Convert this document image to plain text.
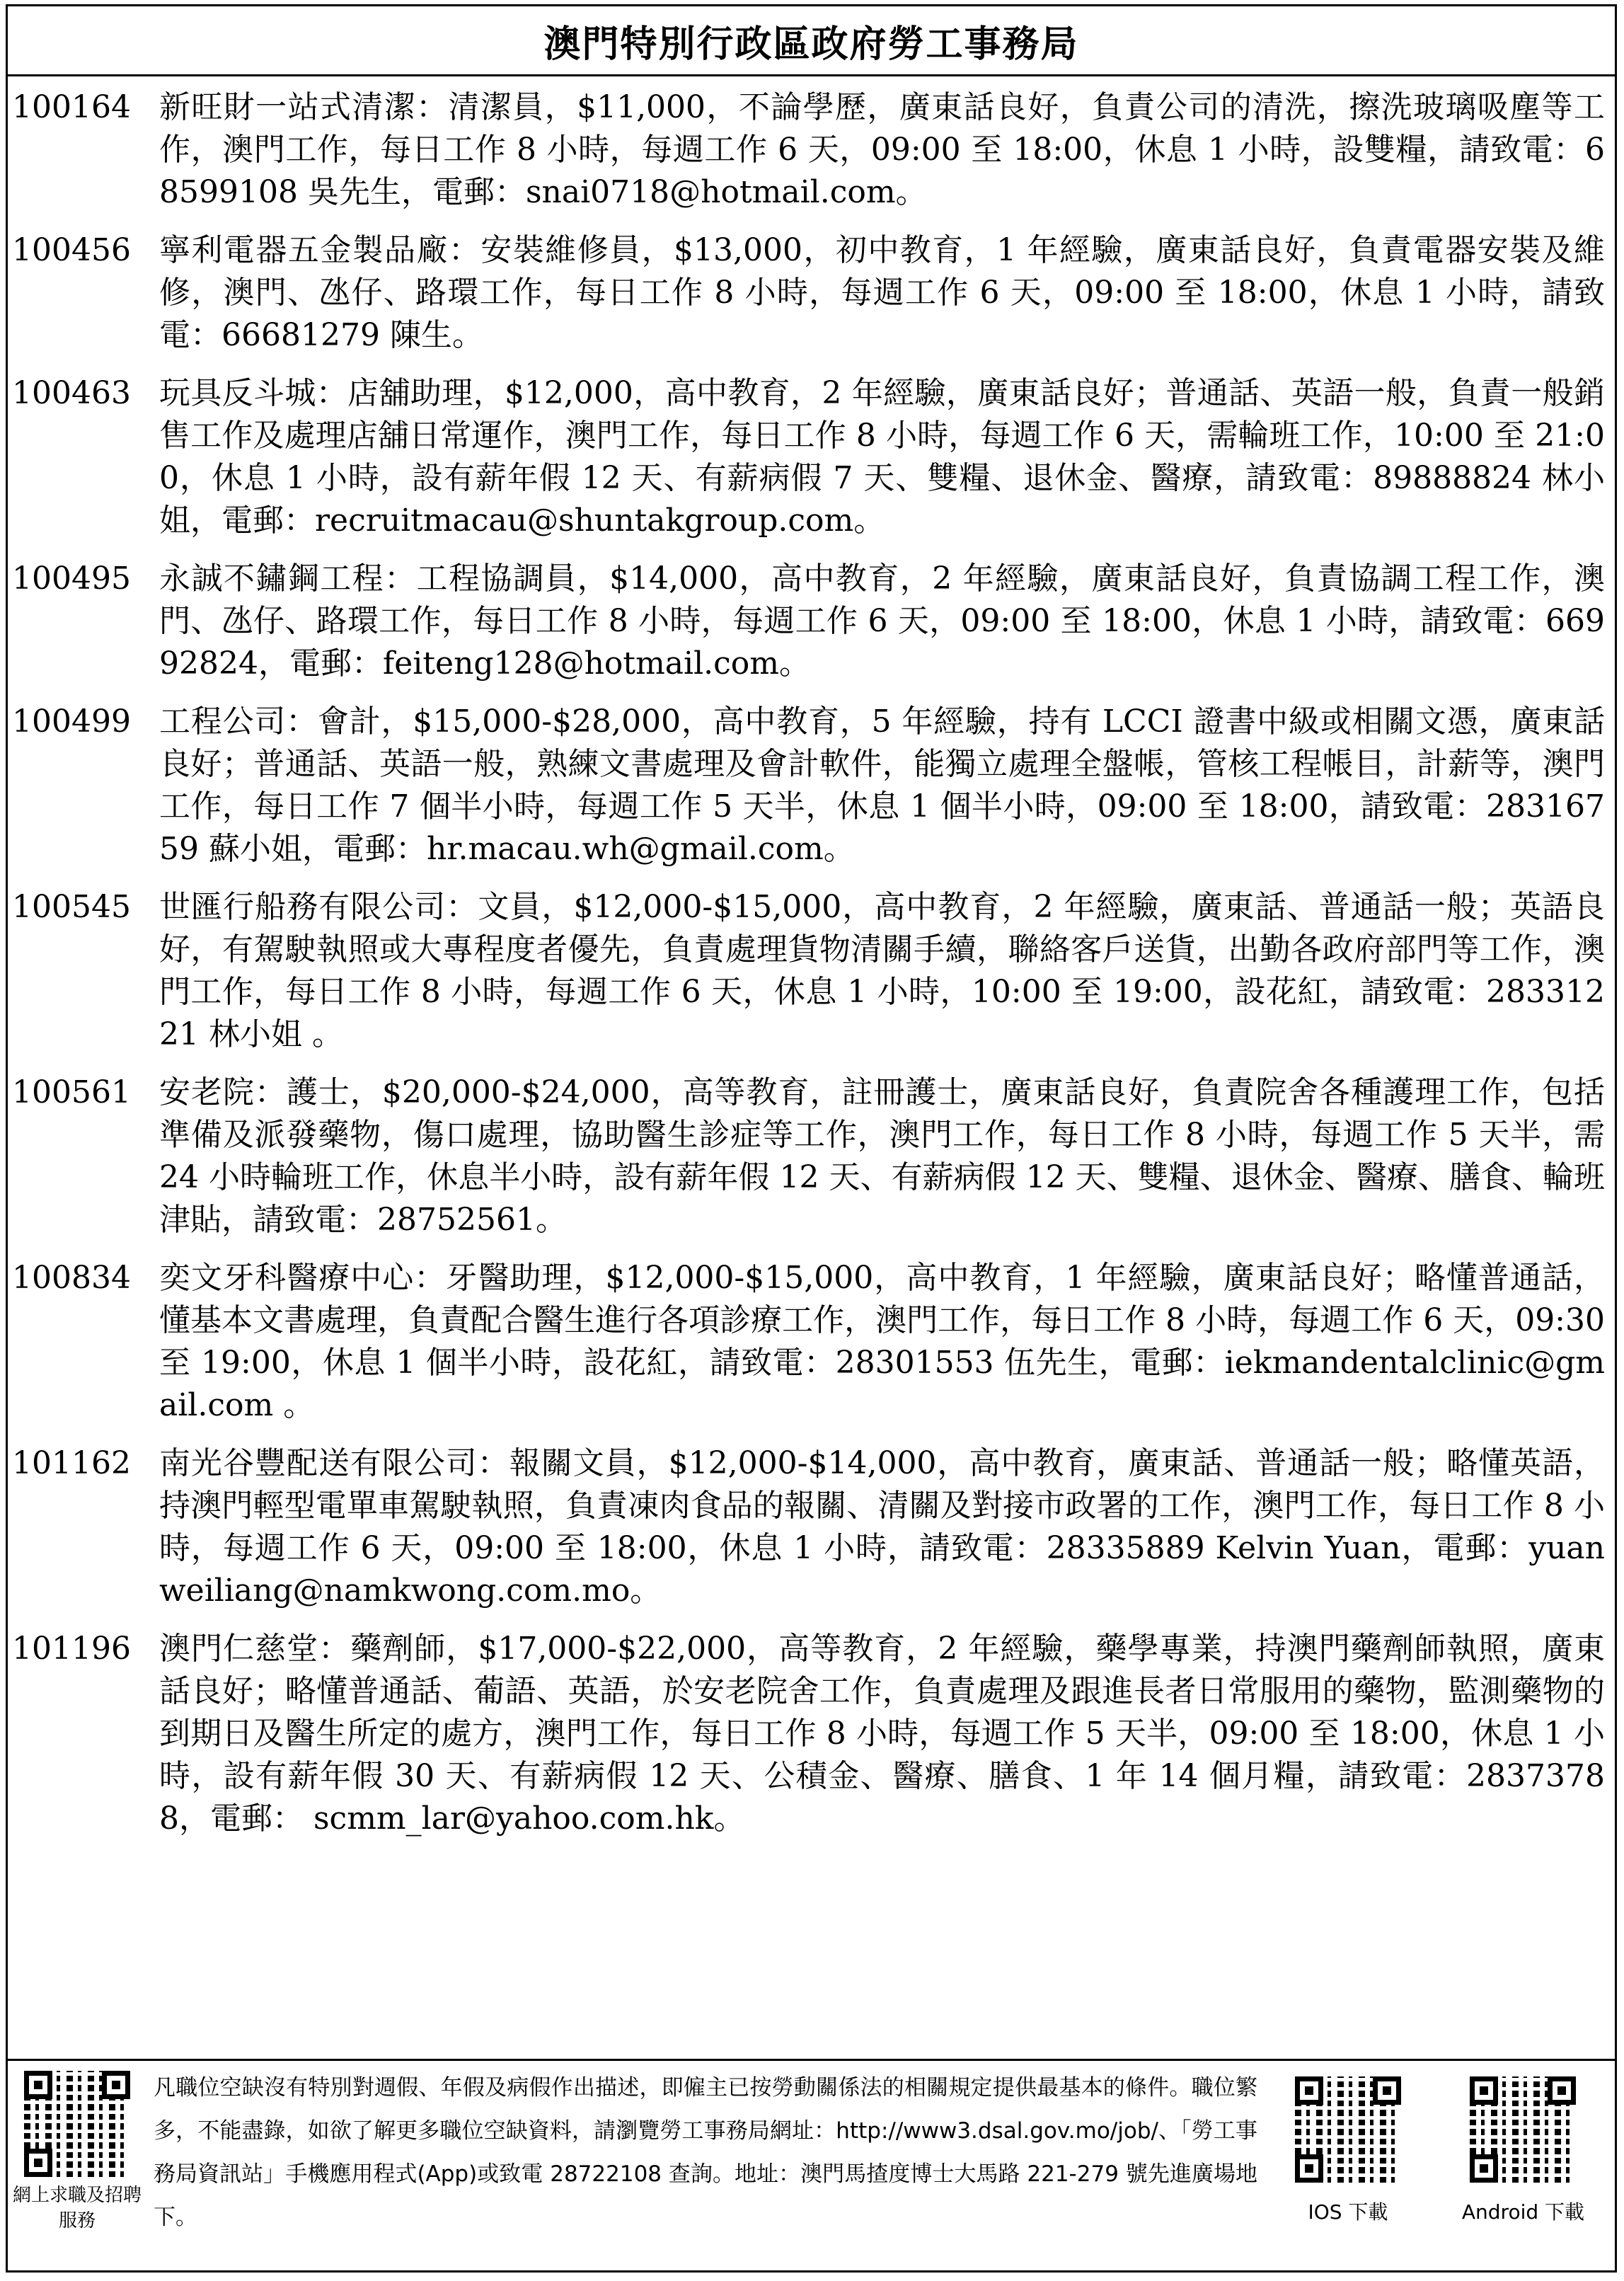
澳門特別行政區政府勞工事務局
100164 新旺財一站式清潔：清潔員，$11,000，不論學歷，廣東話良好，負責公司的清洗，擦洗玻璃吸塵等工作，澳門工作，每日工作 8 小時，每週工作 6 天，09:00 至 18:00，休息 1 小時，設雙糧，請致電：68599108 吳先生，電郵：snai0718@hotmail.com。
100456 寧利電器五金製品廠：安裝維修員，$13,000，初中教育，1 年經驗，廣東話良好，負責電器安裝及維修，澳門、氹仔、路環工作，每日工作 8 小時，每週工作 6 天，09:00 至 18:00，休息 1 小時，請致電：66681279 陳生。
100463 玩具反斗城：店舖助理，$12,000，高中教育，2 年經驗，廣東話良好；普通話、英語一般，負責一般銷售工作及處理店舖日常運作，澳門工作，每日工作 8 小時，每週工作 6 天，需輪班工作，10:00 至 21:00，休息 1 小時，設有薪年假 12 天、有薪病假 7 天、雙糧、退休金、醫療，請致電：89888824 林小姐，電郵：recruitmacau@shuntakgroup.com。
100495 永誠不鏽鋼工程：工程協調員，$14,000，高中教育，2 年經驗，廣東話良好，負責協調工程工作，澳門、氹仔、路環工作，每日工作 8 小時，每週工作 6 天，09:00 至 18:00，休息 1 小時，請致電：66992824，電郵：feiteng128@hotmail.com。
100499 工程公司：會計，$15,000-$28,000，高中教育，5 年經驗，持有 LCCI 證書中級或相關文憑，廣東話良好；普通話、英語一般，熟練文書處理及會計軟件，能獨立處理全盤帳，管核工程帳目，計薪等，澳門工作，每日工作 7 個半小時，每週工作 5 天半，休息 1 個半小時，09:00 至 18:00，請致電：28316759 蘇小姐，電郵：hr.macau.wh@gmail.com。
100545 世匯行船務有限公司：文員，$12,000-$15,000，高中教育，2 年經驗，廣東話、普通話一般；英語良好，有駕駛執照或大專程度者優先，負責處理貨物清關手續，聯絡客戶送貨，出勤各政府部門等工作，澳門工作，每日工作 8 小時，每週工作 6 天，休息 1 小時，10:00 至 19:00，設花紅，請致電：28331221 林小姐 。
100561 安老院：護士，$20,000-$24,000，高等教育，註冊護士，廣東話良好，負責院舍各種護理工作，包括準備及派發藥物，傷口處理，協助醫生診症等工作，澳門工作，每日工作 8 小時，每週工作 5 天半，需 24 小時輪班工作，休息半小時，設有薪年假 12 天、有薪病假 12 天、雙糧、退休金、醫療、膳食、輪班津貼，請致電：28752561。
100834 奕文牙科醫療中心：牙醫助理，$12,000-$15,000，高中教育，1 年經驗，廣東話良好；略懂普通話，懂基本文書處理，負責配合醫生進行各項診療工作，澳門工作，每日工作 8 小時，每週工作 6 天，09:30 至 19:00，休息 1 個半小時，設花紅，請致電：28301553 伍先生，電郵：iekmandentalclinic@gmail.com 。
101162 南光谷豐配送有限公司：報關文員，$12,000-$14,000，高中教育，廣東話、普通話一般；略懂英語，持澳門輕型電單車駕駛執照，負責凍肉食品的報關、清關及對接市政署的工作，澳門工作，每日工作 8 小時，每週工作 6 天，09:00 至 18:00，休息 1 小時，請致電：28335889 Kelvin Yuan，電郵：yuanweiliang@namkwong.com.mo。
101196 澳門仁慈堂：藥劑師，$17,000-$22,000，高等教育，2 年經驗，藥學專業，持澳門藥劑師執照，廣東話良好；略懂普通話、葡語、英語，於安老院舍工作，負責處理及跟進長者日常服用的藥物，監測藥物的到期日及醫生所定的處方，澳門工作，每日工作 8 小時，每週工作 5 天半，09:00 至 18:00，休息 1 小時，設有薪年假 30 天、有薪病假 12 天、公積金、醫療、膳食、1 年 14 個月糧，請致電：28373788，電郵： scmm_lar@yahoo.com.hk。
網上求職及招聘服務
凡職位空缺沒有特別對週假、年假及病假作出描述，即僱主已按勞動關係法的相關規定提供最基本的條件。職位繁多，不能盡錄，如欲了解更多職位空缺資料，請瀏覽勞工事務局網址：http://www3.dsal.gov.mo/job/、「勞工事務局資訊站」手機應用程式(App)或致電 28722108 查詢。地址：澳門馬揸度博士大馬路 221-279 號先進廣場地下。	IOS 下載	Android 下載
